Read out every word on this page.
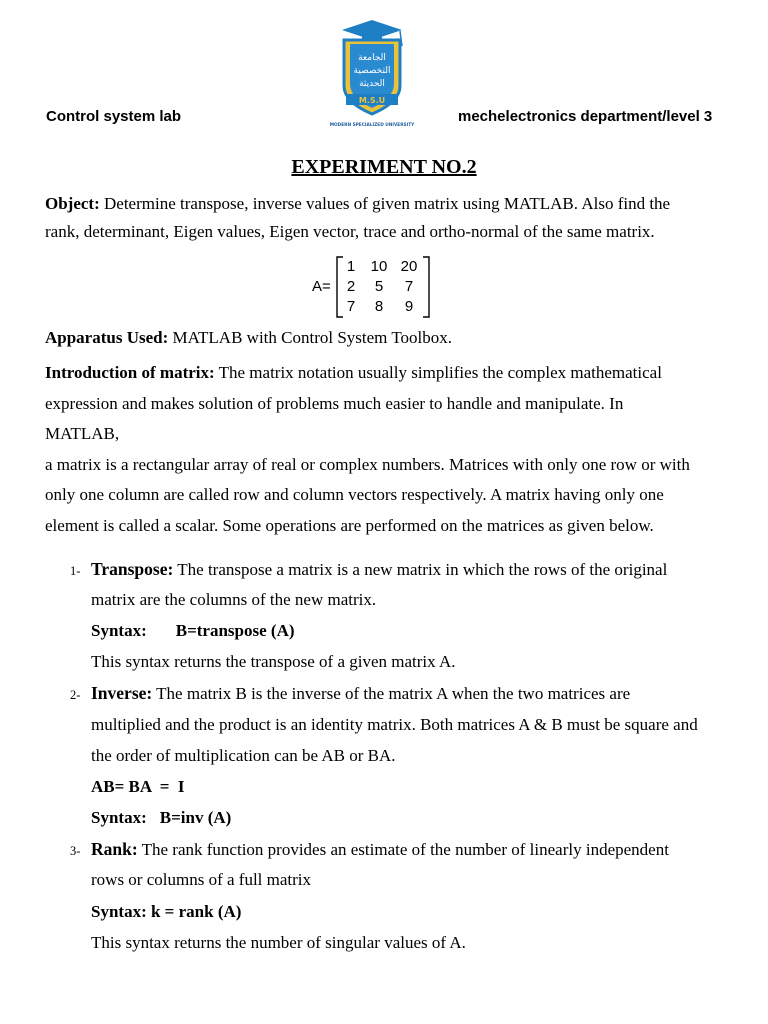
Control system lab
الجامعة
التخصصية
الحديثة
M.S.U
MODERN SPECIALIZED UNIVERSITY
mechelectronics department/level 3
EXPERIMENT NO.2
Object: Determine transpose, inverse values of given matrix using MATLAB. Also find the
rank, determinant, Eigen values, Eigen vector, trace and ortho-normal of the same matrix.
A=
1	10 20
2	5	7
7	8	9
Apparatus Used: MATLAB with Control System Toolbox.
Introduction of matrix: The matrix notation usually simplifies the complex mathematical
expression and makes solution of problems much easier to handle and manipulate. In
MATLAB,
a matrix is a rectangular array of real or complex numbers. Matrices with only one row or with
only one column are called row and column vectors respectively. A matrix having only one
element is called a scalar. Some operations are performed on the matrices as given below.
1- Transpose: The transpose a matrix is a new matrix in which the rows of the original
matrix are the columns of the new matrix.
Syntax: B=transpose (A)
This syntax returns the transpose of a given matrix A.
2- Inverse: The matrix B is the inverse of the matrix A when the two matrices are
multiplied and the product is an identity matrix. Both matrices A & B must be square and
the order of multiplication can be AB or BA.
AB= BA  =  I
Syntax: B=inv (A)
3- Rank: The rank function provides an estimate of the number of linearly independent
rows or columns of a full matrix
Syntax: k = rank (A)
This syntax returns the number of singular values of A.
